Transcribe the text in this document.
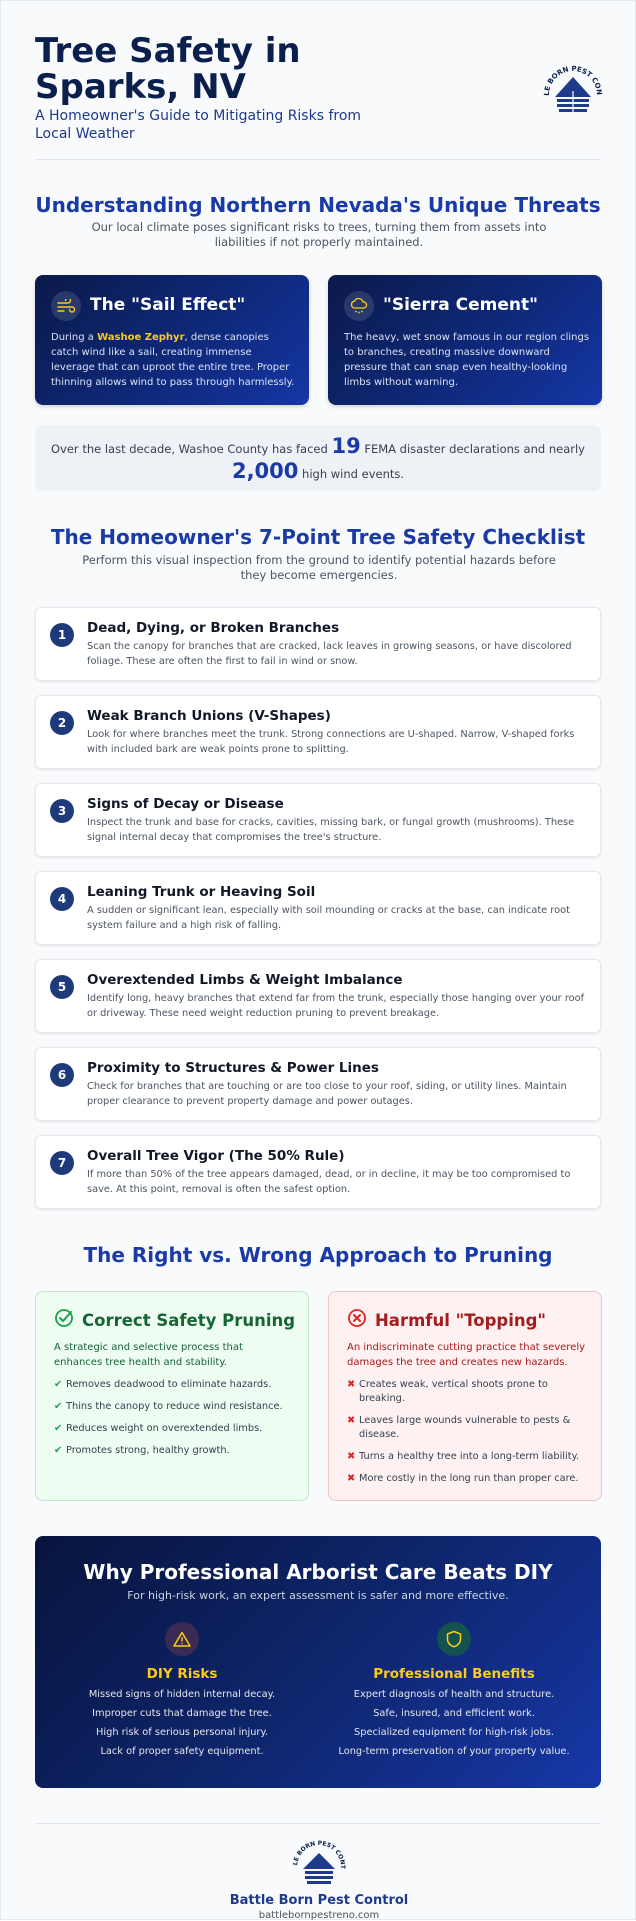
Tree Safety in Sparks, NV
A Homeowner's Guide to Mitigating Risks from Local Weather
LE BORN PEST CON
Understanding Northern Nevada's Unique Threats
Our local climate poses significant risks to trees, turning them from assets into liabilities if not properly maintained.
The "Sail Effect"
During a Washoe Zephyr, dense canopies catch wind like a sail, creating immense leverage that can uproot the entire tree. Proper thinning allows wind to pass through harmlessly.
"Sierra Cement"
The heavy, wet snow famous in our region clings to branches, creating massive downward pressure that can snap even healthy-looking limbs without warning.
Over the last decade, Washoe County has faced 19 FEMA disaster declarations and nearly
2,000 high wind events.
The Homeowner's 7-Point Tree Safety Checklist
Perform this visual inspection from the ground to identify potential hazards before they become emergencies.
1	Dead, Dying, or Broken Branches
Scan the canopy for branches that are cracked, lack leaves in growing seasons, or have discolored foliage. These are often the first to fail in wind or snow.
2	Weak Branch Unions (V-Shapes)
Look for where branches meet the trunk. Strong connections are U-shaped. Narrow, V-shaped forks with included bark are weak points prone to splitting.
3	Signs of Decay or Disease
Inspect the trunk and base for cracks, cavities, missing bark, or fungal growth (mushrooms). These signal internal decay that compromises the tree's structure.
4	Leaning Trunk or Heaving Soil
A sudden or significant lean, especially with soil mounding or cracks at the base, can indicate root system failure and a high risk of falling.
5	Overextended Limbs & Weight Imbalance
Identify long, heavy branches that extend far from the trunk, especially those hanging over your roof or driveway. These need weight reduction pruning to prevent breakage.
6	Proximity to Structures & Power Lines
Check for branches that are touching or are too close to your roof, siding, or utility lines. Maintain proper clearance to prevent property damage and power outages.
7	Overall Tree Vigor (The 50% Rule)
If more than 50% of the tree appears damaged, dead, or in decline, it may be too compromised to save. At this point, removal is often the safest option.
The Right vs. Wrong Approach to Pruning
Correct Safety Pruning
A strategic and selective process that enhances tree health and stability.
✔ Removes deadwood to eliminate hazards.
✔ Thins the canopy to reduce wind resistance.
✔ Reduces weight on overextended limbs.
✔ Promotes strong, healthy growth.
Harmful "Topping"
An indiscriminate cutting practice that severely damages the tree and creates new hazards.
✖ Creates weak, vertical shoots prone to breaking.
✖ Leaves large wounds vulnerable to pests & disease.
✖ Turns a healthy tree into a long-term liability.
✖ More costly in the long run than proper care.
Why Professional Arborist Care Beats DIY
For high-risk work, an expert assessment is safer and more effective.
DIY Risks
Missed signs of hidden internal decay.
Improper cuts that damage the tree.
High risk of serious personal injury.
Lack of proper safety equipment.
Professional Benefits
Expert diagnosis of health and structure.
Safe, insured, and efficient work.
Specialized equipment for high-risk jobs.
Long-term preservation of your property value.
LE BORN PEST CONT
Battle Born Pest Control
battlebornpestreno.com
